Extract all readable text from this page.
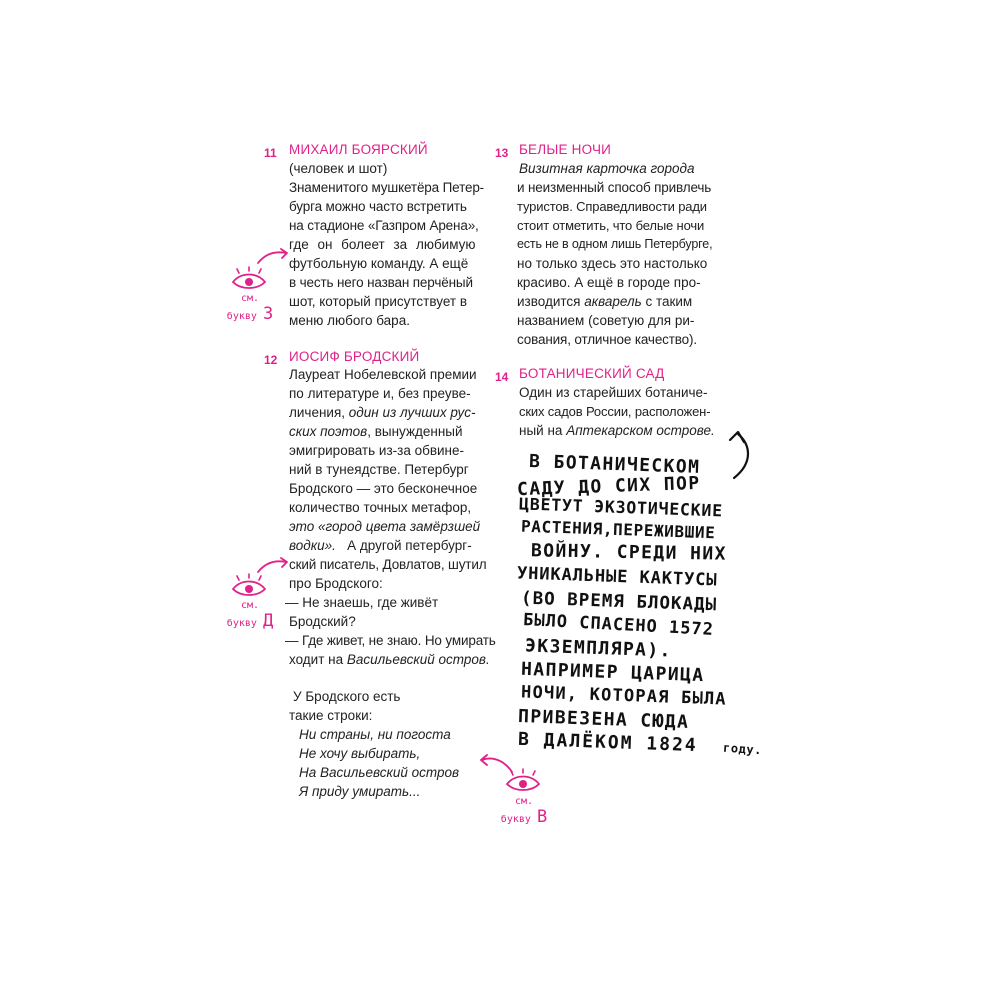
11 МИХАИЛ БОЯРСКИЙ
(человек и шот)
Знаменитого мушкетёра Петер-
бурга можно часто встретить
на стадионе «Газпром Арена»,
где он болеет за любимую
футбольную команду. А ещё
в честь него назван перчёный
шот, который присутствует в
меню любого бара.
12 ИОСИФ БРОДСКИЙ
Лауреат Нобелевской премии
по литературе и, без преуве-
личения, один из лучших рус-
ских поэтов, вынужденный
эмигрировать из-за обвине-
ний в тунеядстве. Петербург
Бродского — это бесконечное
количество точных метафор,
это «город цвета замёрзшей
водки». А другой петербург-
ский писатель, Довлатов, шутил
про Бродского:
— Не знаешь, где живёт
Бродский?
— Где живет, не знаю. Но умирать
ходит на Васильевский остров.
У Бродского есть
такие строки:
Ни страны, ни погоста
Не хочу выбирать,
На Васильевский остров
Я приду умирать...
13 БЕЛЫЕ НОЧИ
Визитная карточка города
и неизменный способ привлечь
туристов. Справедливости ради
стоит отметить, что белые ночи
есть не в одном лишь Петербурге,
но только здесь это настолько
красиво. А ещё в городе про-
изводится акварель с таким
названием (советую для ри-
сования, отличное качество).
14 БОТАНИЧЕСКИЙ САД
Один из старейших ботаниче-
ских садов России, расположен-
ный на Аптекарском острове.
В БОТАНИЧЕСКОМ
САДУ ДО СИХ ПОР
ЦВЕТУТ ЭКЗОТИЧЕСКИЕ
РАСТЕНИЯ,ПЕРЕЖИВШИЕ
ВОЙНУ. СРЕДИ НИХ
УНИКАЛЬНЫЕ КАКТУСЫ
(ВО ВРЕМЯ БЛОКАДЫ
БЫЛО СПАСЕНО 1572
ЭКЗЕМПЛЯРА).
НАПРИМЕР ЦАРИЦА
НОЧИ, КОТОРАЯ БЫЛА
ПРИВЕЗЕНА СЮДА
В ДАЛЁКОМ 1824 году.
см.
букву З
см.
букву Д
см.
букву В
